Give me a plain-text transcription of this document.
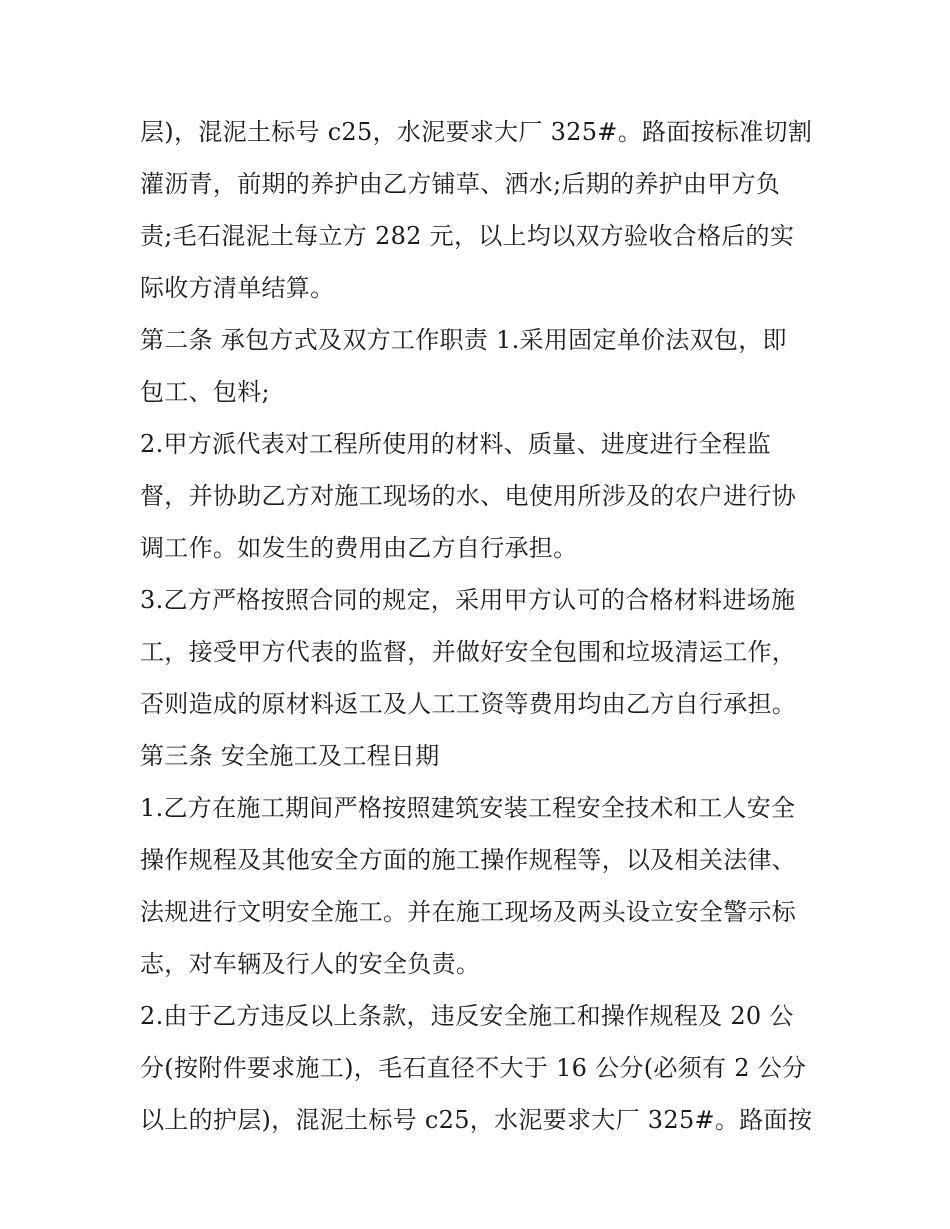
层)，混泥土标号 c25，水泥要求大厂 325#。路面按标准切割
灌沥青，前期的养护由乙方铺草、洒水;后期的养护由甲方负
责;毛石混泥土每立方 282 元，以上均以双方验收合格后的实
际收方清单结算。
第二条 承包方式及双方工作职责 1.采用固定单价法双包，即
包工、包料;
2.甲方派代表对工程所使用的材料、质量、进度进行全程监
督，并协助乙方对施工现场的水、电使用所涉及的农户进行协
调工作。如发生的费用由乙方自行承担。
3.乙方严格按照合同的规定，采用甲方认可的合格材料进场施
工，接受甲方代表的监督，并做好安全包围和垃圾清运工作，
否则造成的原材料返工及人工工资等费用均由乙方自行承担。
第三条 安全施工及工程日期
1.乙方在施工期间严格按照建筑安装工程安全技术和工人安全
操作规程及其他安全方面的施工操作规程等，以及相关法律、
法规进行文明安全施工。并在施工现场及两头设立安全警示标
志，对车辆及行人的安全负责。
2.由于乙方违反以上条款，违反安全施工和操作规程及 20 公
分(按附件要求施工)，毛石直径不大于 16 公分(必须有 2 公分
以上的护层)，混泥土标号 c25，水泥要求大厂 325#。路面按
